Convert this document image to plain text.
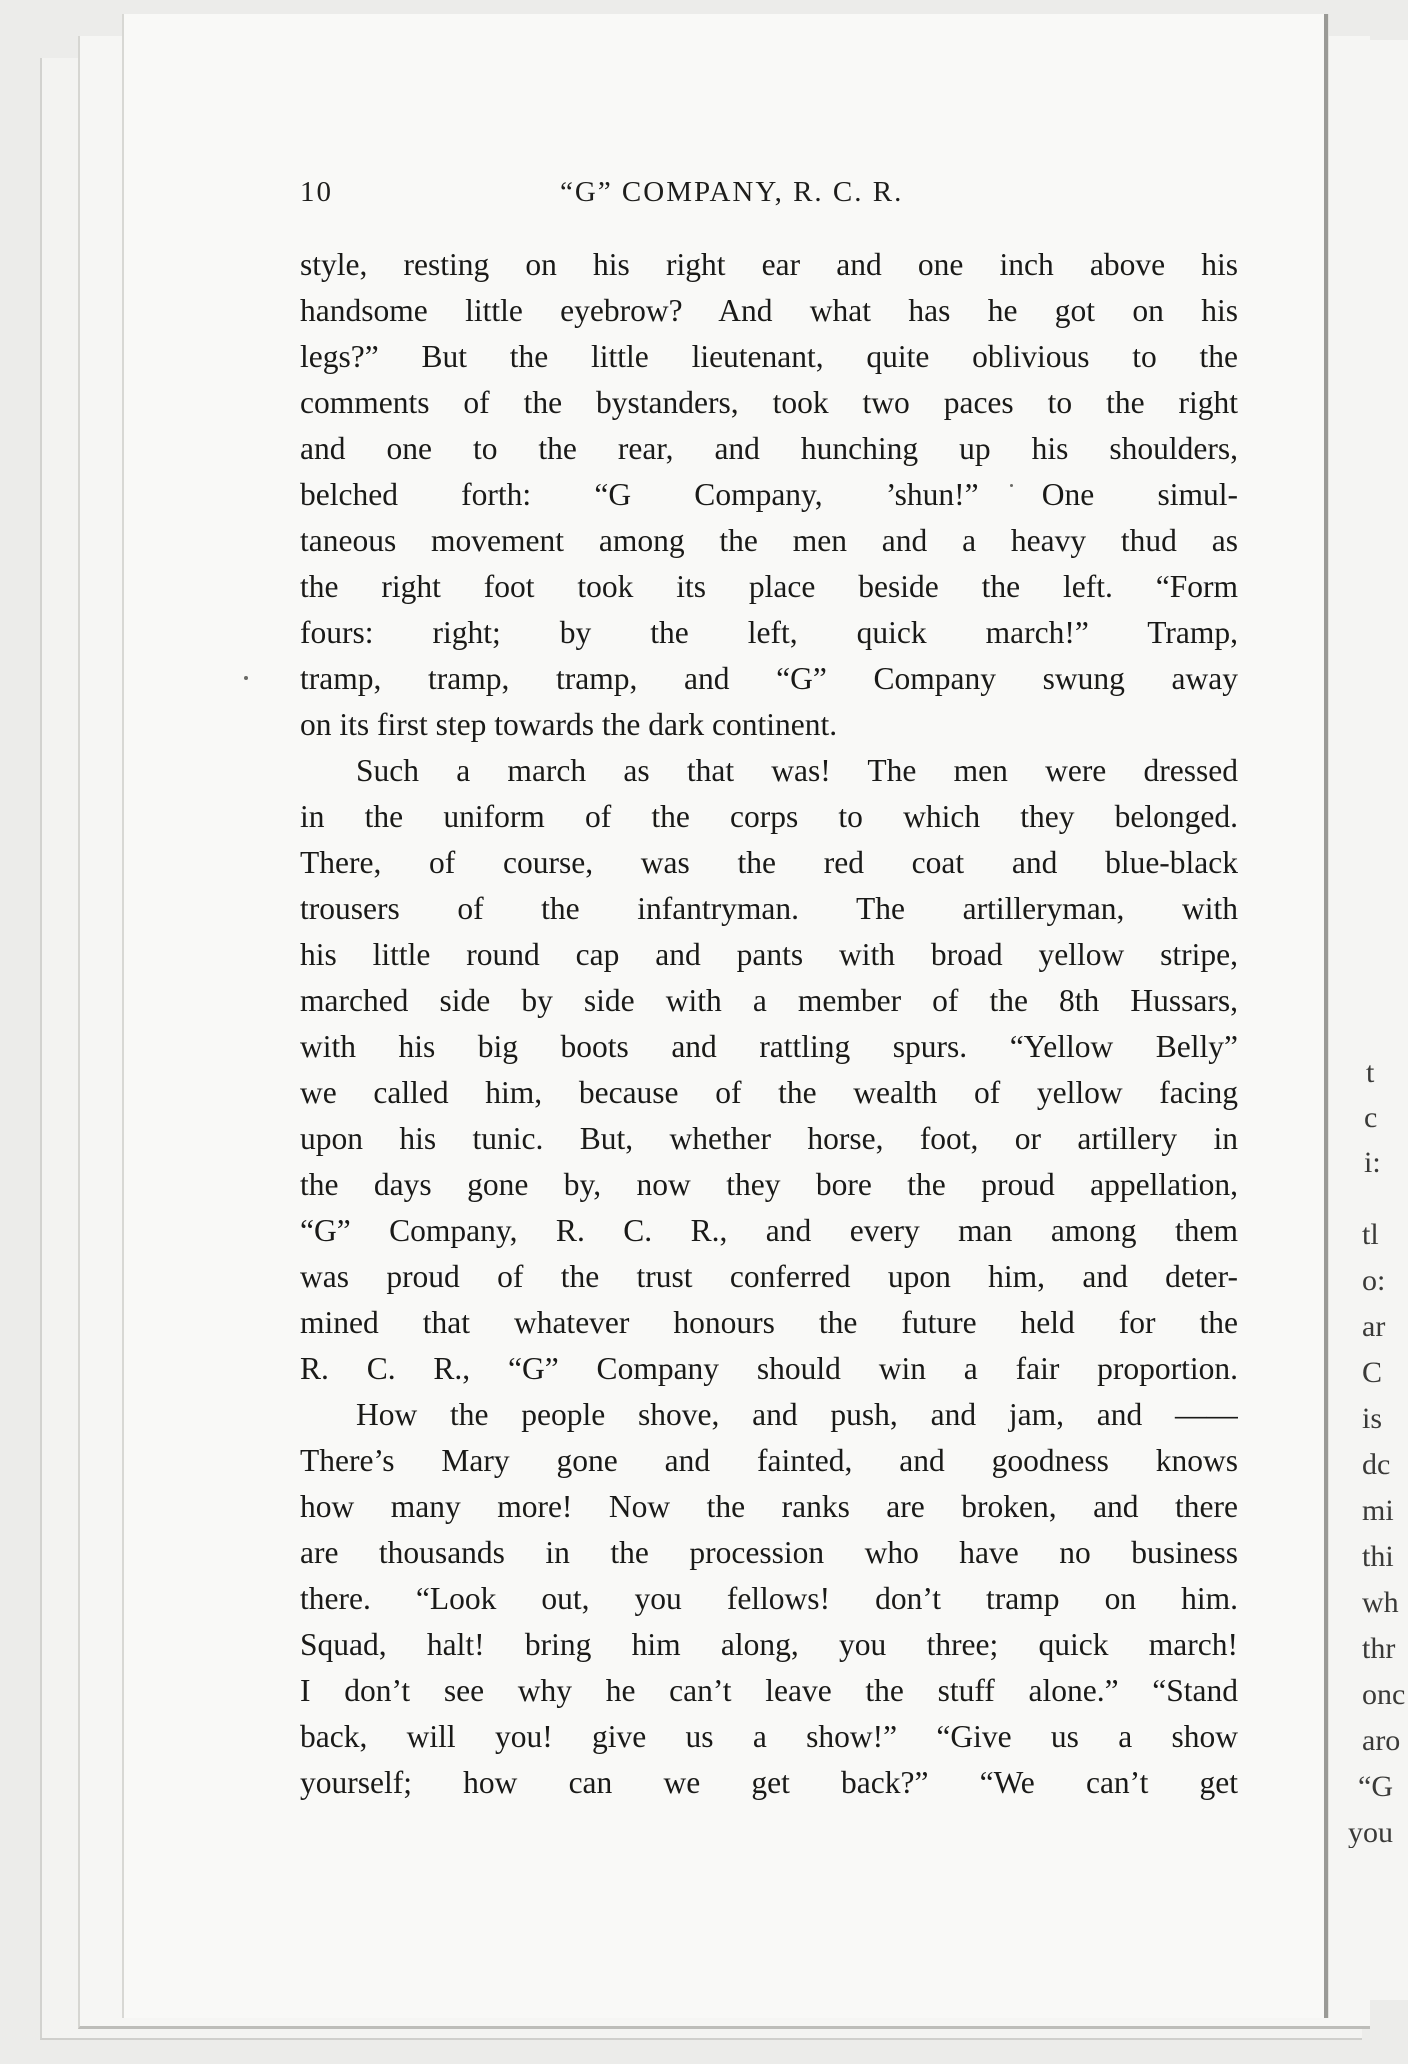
t
c
i:
tl
o:
ar
C
is
dc
mi
thi
wh
thr
onc
aro
“G
you
10	“G” COMPANY, R. C. R.
style, resting on his right ear and one inch above his
handsome little eyebrow? And what has he got on his
legs?” But the little lieutenant, quite oblivious to the
comments of the bystanders, took two paces to the right
and one to the rear, and hunching up his shoulders,
belched forth: “G Company, ’shun!” One simul-
taneous movement among the men and a heavy thud as
the right foot took its place beside the left. “Form
fours: right; by the left, quick march!” Tramp,
tramp, tramp, tramp, and “G” Company swung away
on its first step towards the dark continent.
Such a march as that was! The men were dressed
in the uniform of the corps to which they belonged.
There, of course, was the red coat and blue-black
trousers of the infantryman. The artilleryman, with
his little round cap and pants with broad yellow stripe,
marched side by side with a member of the 8th Hussars,
with his big boots and rattling spurs. “Yellow Belly”
we called him, because of the wealth of yellow facing
upon his tunic. But, whether horse, foot, or artillery in
the days gone by, now they bore the proud appellation,
“G” Company, R. C. R., and every man among them
was proud of the trust conferred upon him, and deter-
mined that whatever honours the future held for the
R. C. R., “G” Company should win a fair proportion.
How the people shove, and push, and jam, and ——
There’s Mary gone and fainted, and goodness knows
how many more! Now the ranks are broken, and there
are thousands in the procession who have no business
there. “Look out, you fellows! don’t tramp on him.
Squad, halt! bring him along, you three; quick march!
I don’t see why he can’t leave the stuff alone.” “Stand
back, will you! give us a show!” “Give us a show
yourself; how can we get back?” “We can’t get
